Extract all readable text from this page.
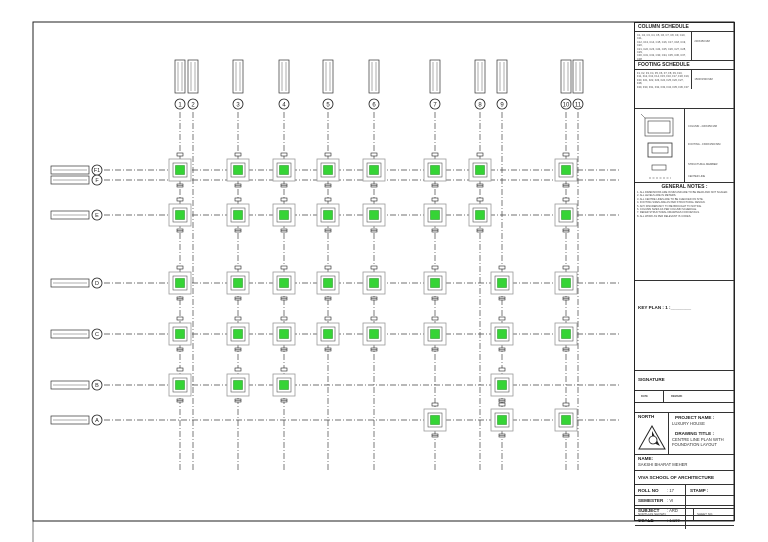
1 2	3	4	5	6	7	8	9	10 11
A
B
C
D
E
F
F1
COLUMN SCHEDULE
C1, C2, C3, C4, C5, C6, C7, C8, C9, C10, C11,
C12, C13, C14, C15, C16, C17, C18, C19, C20,
C21, C22, C23, C24, C25, C26, C27, C28, C29,
C30, C31, C32, C33, C34, C35, C36, C37, C38
230X450 MM
FOOTING SCHEDULE
F1, F2, F3, F4, F5, F6, F7, F8, F9, F10,
F11, F12, F13, F14, F15, F16, F17, F18, F19,
F20, F21, F22, F23, F24, F25, F26, F27, F28,
F29, F30, F31, F32, F33, F34, F35, F36, F37
1500X1500 MM
COLUMN - 230X450 MM
FOOTING - 1500X1500 MM
STRUCTURAL MEMBER
CENTER LINE
GENERAL NOTES :
1. ALL DIMENSIONS ARE IN MM AND ARE TO BE READ AND NOT SCALED.
2. ALL LEVELS ARE IN METERS.
3. ALL CENTRE LINES ARE TO BE CHECKED ON SITE.
4. FOOTING SIZES ARE AS PER STRUCTURAL DESIGN.
5. ANY DISCREPANCY TO BE BROUGHT TO NOTICE.
6. COLUMN SIZES AS PER COLUMN SCHEDULE.
7. REFER STRUCTURAL DRAWINGS FOR DETAILS.
8. ALL WORK AS PER RELEVANT IS CODES.
KEY PLAN : 1 :________
SIGNATURE
DATE	REMARK
NORTH	PROJECT NAME :
LUXURY HOUSE
DRAWING TITLE :
CENTRE LINE PLAN WITH FOUNDATION LAYOUT
NAME:
SAKSHI BHARAT MEHER
VIVA SCHOOL OF ARCHITECTURE
ROLL NO	: 17	STAMP :
SEMESTER : VI
SUBJECT	: ARD
SCALE	: 1:100
NORTH AS SHOWN	SHEET NO.
